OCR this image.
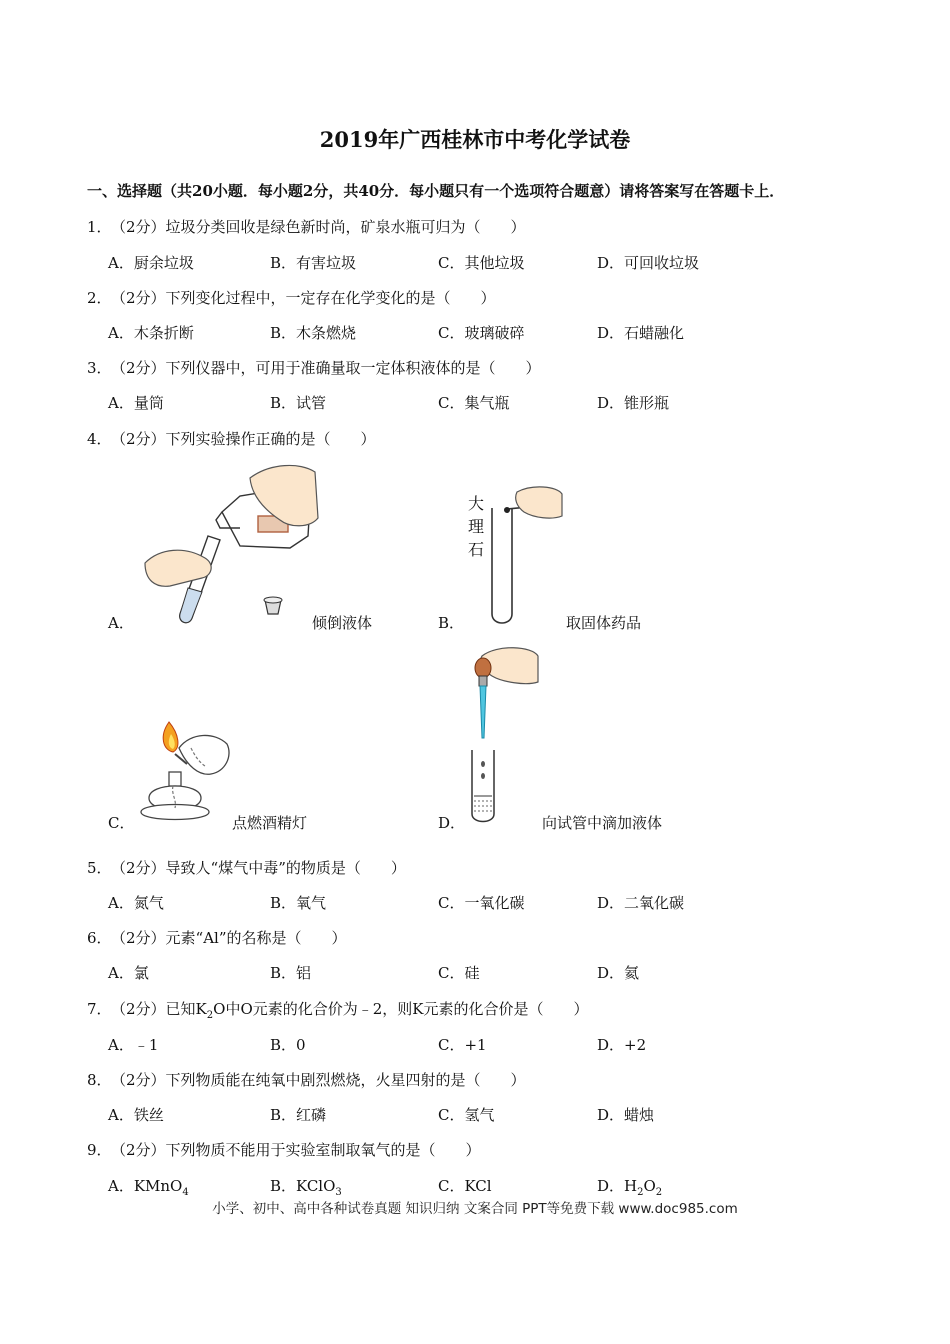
2019年广西桂林市中考化学试卷
一、选择题（共20小题．每小题2分，共40分．每小题只有一个选项符合题意）请将答案写在答题卡上．
1．（2分）垃圾分类回收是绿色新时尚，矿泉水瓶可归为（　　）
A．厨余垃圾	B．有害垃圾	C．其他垃圾	D．可回收垃圾
2．（2分）下列变化过程中，一定存在化学变化的是（　　）
A．木条折断	B．木条燃烧	C．玻璃破碎	D．石蜡融化
3．（2分）下列仪器中，可用于准确量取一定体积液体的是（　　）
A．量筒	B．试管	C．集气瓶	D．锥形瓶
4．（2分）下列实验操作正确的是（　　）
A．	倾倒液体
大
理
石
B．	取固体药品
C．	点燃酒精灯	D．	向试管中滴加液体
5．（2分）导致人“煤气中毒”的物质是（　　）
A．氮气	B．氧气	C．一氧化碳	D．二氧化碳
6．（2分）元素“Al”的名称是（　　）
A．氯	B．铝	C．硅	D．氦
7．（2分）已知$K_2O$中O元素的化合价为﹣2，则K元素的化合价是（　　）
A．﹣1	B．0	C．+1	D．+2
8．（2分）下列物质能在纯氧中剧烈燃烧，火星四射的是（　　）
A．铁丝	B．红磷	C．氢气	D．蜡烛
9．（2分）下列物质不能用于实验室制取氧气的是（　　）
A．KMnO$_4$	B．KClO$_3$	C．KCl	D．$H_2O_2$
小学、初中、高中各种试卷真题 知识归纳 文案合同 PPT等免费下载 www.doc985.com
